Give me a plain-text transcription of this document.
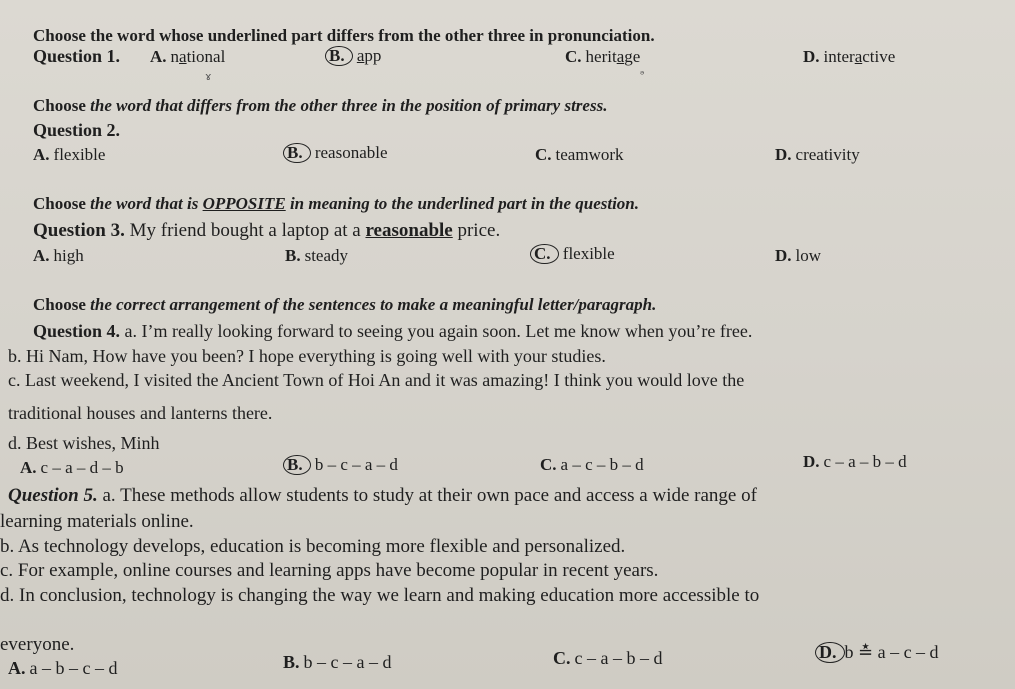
Choose the word whose underlined part differs from the other three in pronunciation.
Question 1. A. national	B. app	C. heritage	D. interactive
ɤ	ᵊ
Choose the word that differs from the other three in the position of primary stress.
Question 2.
A. flexible	B. reasonable	C. teamwork	D. creativity
Choose the word that is OPPOSITE in meaning to the underlined part in the question.
Question 3. My friend bought a laptop at a reasonable price.
A. high	B. steady	C. flexible	D. low
Choose the correct arrangement of the sentences to make a meaningful letter/paragraph.
Question 4. a. I’m really looking forward to seeing you again soon. Let me know when you’re free.
b. Hi Nam, How have you been? I hope everything is going well with your studies.
c. Last weekend, I visited the Ancient Town of Hoi An and it was amazing! I think you would love the
traditional houses and lanterns there.
d. Best wishes, Minh
A. c – a – d – b	B. b – c – a – d	C. a – c – b – d	D. c – a – b – d
Question 5. a. These methods allow students to study at their own pace and access a wide range of
learning materials online.
b. As technology develops, education is becoming more flexible and personalized.
c. For example, online courses and learning apps have become popular in recent years.
d. In conclusion, technology is changing the way we learn and making education more accessible to
everyone.
A. a – b – c – d	B. b – c – a – d	C. c – a – b – d	D. b ≛ a – c – d
